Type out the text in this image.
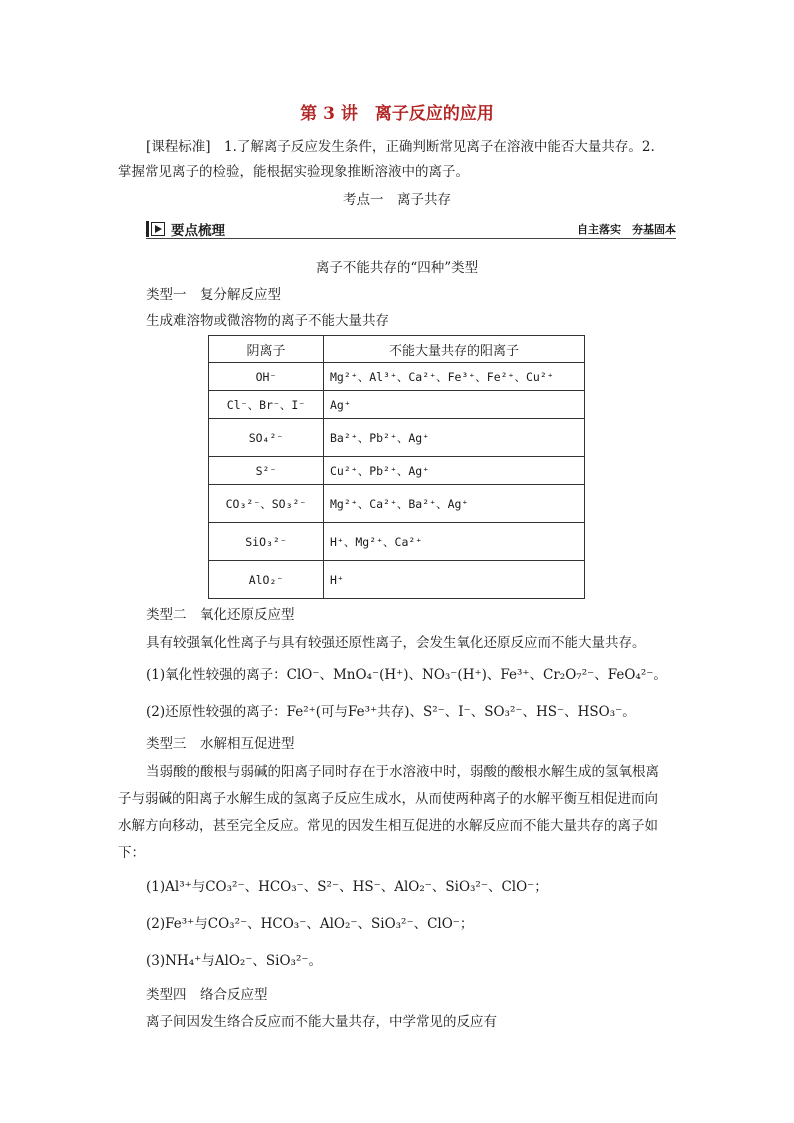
第 3 讲　离子反应的应用
[课程标准]　1.了解离子反应发生条件，正确判断常见离子在溶液中能否大量共存。2.
掌握常见离子的检验，能根据实验现象推断溶液中的离子。
考点一　离子共存
要点梳理	自主落实　夯基固本
离子不能共存的“四种”类型
类型一　复分解反应型
生成难溶物或微溶物的离子不能大量共存
阴离子	不能大量共存的阳离子
OH⁻	Mg²⁺、Al³⁺、Ca²⁺、Fe³⁺、Fe²⁺、Cu²⁺
Cl⁻、Br⁻、I⁻	Ag⁺
SO₄²⁻	Ba²⁺、Pb²⁺、Ag⁺
S²⁻	Cu²⁺、Pb²⁺、Ag⁺
CO₃²⁻、SO₃²⁻	Mg²⁺、Ca²⁺、Ba²⁺、Ag⁺
SiO₃²⁻	H⁺、Mg²⁺、Ca²⁺
AlO₂⁻	H⁺
类型二　氧化还原反应型
具有较强氧化性离子与具有较强还原性离子，会发生氧化还原反应而不能大量共存。
(1)氧化性较强的离子：ClO⁻、MnO₄⁻(H⁺)、NO₃⁻(H⁺)、Fe³⁺、Cr₂O₇²⁻、FeO₄²⁻。
(2)还原性较强的离子：Fe²⁺(可与Fe³⁺共存)、S²⁻、I⁻、SO₃²⁻、HS⁻、HSO₃⁻。
类型三　水解相互促进型
当弱酸的酸根与弱碱的阳离子同时存在于水溶液中时，弱酸的酸根水解生成的氢氧根离
子与弱碱的阳离子水解生成的氢离子反应生成水，从而使两种离子的水解平衡互相促进而向
水解方向移动，甚至完全反应。常见的因发生相互促进的水解反应而不能大量共存的离子如
下：
(1)Al³⁺与CO₃²⁻、HCO₃⁻、S²⁻、HS⁻、AlO₂⁻、SiO₃²⁻、ClO⁻；
(2)Fe³⁺与CO₃²⁻、HCO₃⁻、AlO₂⁻、SiO₃²⁻、ClO⁻；
(3)NH₄⁺与AlO₂⁻、SiO₃²⁻。
类型四　络合反应型
离子间因发生络合反应而不能大量共存，中学常见的反应有
